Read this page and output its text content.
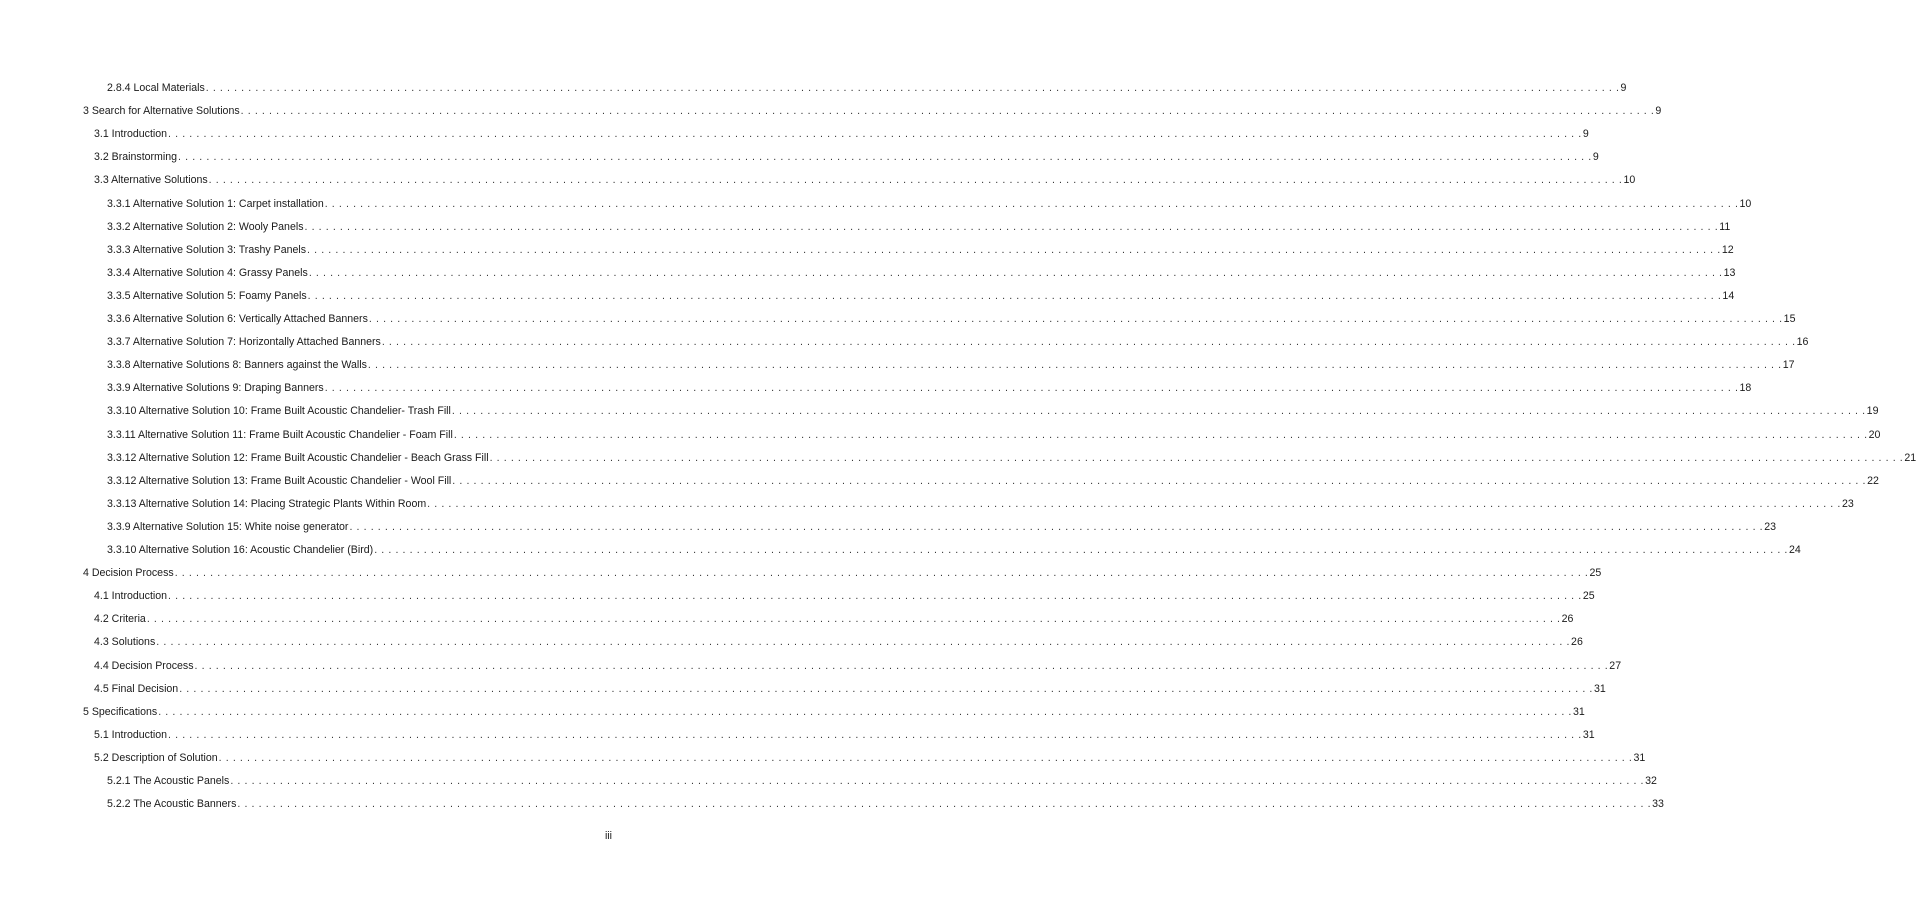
2.8.4 Local Materials . . . . . . . . . . . . . . . . . . . . . . . . . . . . . . . . . . . . . . . . . . . . . . . . . . . . . . . . . . . . . . . . . . . . . . . . . . . . . . . . . . . . . . . . . . . . . . . . . . . . . . . . . . . . . . . . . . . . . . . . . . . . . . . . . . . . . . . . . . . . . . . . . . . . . . . . . . . . . . . . . . . . . . . . . . . . . . . . . . . . . . . . . . . . . . . . . . . . . . . . 9
3 Search for Alternative Solutions . . . . . . . . . . . . . . . . . . . . . . . . . . . . . . . . . . . . . . . . . . . . . . . . . . . . . . . . . . . . . . . . . . . . . . . . . . . . . . . . . . . . . . . . . . . . . . . . . . . . . . . . . . . . . . . . . . . . . . . . . . . . . . . . . . . . . . . . . . . . . . . . . . . . . . . . . . . . . . . . . . . . . . . . . . . . . . . . . . . . . . . . . . . . . . . . . . . . . . . . 9
3.1 Introduction . . . . . . . . . . . . . . . . . . . . . . . . . . . . . . . . . . . . . . . . . . . . . . . . . . . . . . . . . . . . . . . . . . . . . . . . . . . . . . . . . . . . . . . . . . . . . . . . . . . . . . . . . . . . . . . . . . . . . . . . . . . . . . . . . . . . . . . . . . . . . . . . . . . . . . . . . . . . . . . . . . . . . . . . . . . . . . . . . . . . . . . . . . . . . . . . . . . . . . . . 9
3.2 Brainstorming . . . . . . . . . . . . . . . . . . . . . . . . . . . . . . . . . . . . . . . . . . . . . . . . . . . . . . . . . . . . . . . . . . . . . . . . . . . . . . . . . . . . . . . . . . . . . . . . . . . . . . . . . . . . . . . . . . . . . . . . . . . . . . . . . . . . . . . . . . . . . . . . . . . . . . . . . . . . . . . . . . . . . . . . . . . . . . . . . . . . . . . . . . . . . . . . . . . . . . . . 9
3.3 Alternative Solutions . . . . . . . . . . . . . . . . . . . . . . . . . . . . . . . . . . . . . . . . . . . . . . . . . . . . . . . . . . . . . . . . . . . . . . . . . . . . . . . . . . . . . . . . . . . . . . . . . . . . . . . . . . . . . . . . . . . . . . . . . . . . . . . . . . . . . . . . . . . . . . . . . . . . . . . . . . . . . . . . . . . . . . . . . . . . . . . . . . . . . . . . . . . . . . . . . . . . . . . . 10
3.3.1 Alternative Solution 1: Carpet installation . . . . . . . . . . . . . . . . . . . . . . . . . . . . . . . . . . . . . . . . . . . . . . . . . . . . . . . . . . . . . . . . . . . . . . . . . . . . . . . . . . . . . . . . . . . . . . . . . . . . . . . . . . . . . . . . . . . . . . . . . . . . . . . . . . . . . . . . . . . . . . . . . . . . . . . . . . . . . . . . . . . . . . . . . . . . . . . . . . . . . . . . . . . . . . . . . . . . . . . . 10
3.3.2 Alternative Solution 2: Wooly Panels . . . . . . . . . . . . . . . . . . . . . . . . . . . . . . . . . . . . . . . . . . . . . . . . . . . . . . . . . . . . . . . . . . . . . . . . . . . . . . . . . . . . . . . . . . . . . . . . . . . . . . . . . . . . . . . . . . . . . . . . . . . . . . . . . . . . . . . . . . . . . . . . . . . . . . . . . . . . . . . . . . . . . . . . . . . . . . . . . . . . . . . . . . . . . . . . . . . . . . . . 11
3.3.3 Alternative Solution 3: Trashy Panels . . . . . . . . . . . . . . . . . . . . . . . . . . . . . . . . . . . . . . . . . . . . . . . . . . . . . . . . . . . . . . . . . . . . . . . . . . . . . . . . . . . . . . . . . . . . . . . . . . . . . . . . . . . . . . . . . . . . . . . . . . . . . . . . . . . . . . . . . . . . . . . . . . . . . . . . . . . . . . . . . . . . . . . . . . . . . . . . . . . . . . . . . . . . . . . . . . . . . . . . 12
3.3.4 Alternative Solution 4: Grassy Panels . . . . . . . . . . . . . . . . . . . . . . . . . . . . . . . . . . . . . . . . . . . . . . . . . . . . . . . . . . . . . . . . . . . . . . . . . . . . . . . . . . . . . . . . . . . . . . . . . . . . . . . . . . . . . . . . . . . . . . . . . . . . . . . . . . . . . . . . . . . . . . . . . . . . . . . . . . . . . . . . . . . . . . . . . . . . . . . . . . . . . . . . . . . . . . . . . . . . . . . . 13
3.3.5 Alternative Solution 5: Foamy Panels . . . . . . . . . . . . . . . . . . . . . . . . . . . . . . . . . . . . . . . . . . . . . . . . . . . . . . . . . . . . . . . . . . . . . . . . . . . . . . . . . . . . . . . . . . . . . . . . . . . . . . . . . . . . . . . . . . . . . . . . . . . . . . . . . . . . . . . . . . . . . . . . . . . . . . . . . . . . . . . . . . . . . . . . . . . . . . . . . . . . . . . . . . . . . . . . . . . . . . . . 14
3.3.6 Alternative Solution 6: Vertically Attached Banners . . . . . . . . . . . . . . . . . . . . . . . . . . . . . . . . . . . . . . . . . . . . . . . . . . . . . . . . . . . . . . . . . . . . . . . . . . . . . . . . . . . . . . . . . . . . . . . . . . . . . . . . . . . . . . . . . . . . . . . . . . . . . . . . . . . . . . . . . . . . . . . . . . . . . . . . . . . . . . . . . . . . . . . . . . . . . . . . . . . . . . . . . . . . . . . . . . . . . . . . 15
3.3.7 Alternative Solution 7: Horizontally Attached Banners . . . . . . . . . . . . . . . . . . . . . . . . . . . . . . . . . . . . . . . . . . . . . . . . . . . . . . . . . . . . . . . . . . . . . . . . . . . . . . . . . . . . . . . . . . . . . . . . . . . . . . . . . . . . . . . . . . . . . . . . . . . . . . . . . . . . . . . . . . . . . . . . . . . . . . . . . . . . . . . . . . . . . . . . . . . . . . . . . . . . . . . . . . . . . . . . . . . . . . . . 16
3.3.8 Alternative Solutions 8: Banners against the Walls . . . . . . . . . . . . . . . . . . . . . . . . . . . . . . . . . . . . . . . . . . . . . . . . . . . . . . . . . . . . . . . . . . . . . . . . . . . . . . . . . . . . . . . . . . . . . . . . . . . . . . . . . . . . . . . . . . . . . . . . . . . . . . . . . . . . . . . . . . . . . . . . . . . . . . . . . . . . . . . . . . . . . . . . . . . . . . . . . . . . . . . . . . . . . . . . . . . . . . . . 17
3.3.9 Alternative Solutions 9: Draping Banners . . . . . . . . . . . . . . . . . . . . . . . . . . . . . . . . . . . . . . . . . . . . . . . . . . . . . . . . . . . . . . . . . . . . . . . . . . . . . . . . . . . . . . . . . . . . . . . . . . . . . . . . . . . . . . . . . . . . . . . . . . . . . . . . . . . . . . . . . . . . . . . . . . . . . . . . . . . . . . . . . . . . . . . . . . . . . . . . . . . . . . . . . . . . . . . . . . . . . . . . 18
3.3.10 Alternative Solution 10: Frame Built Acoustic Chandelier- Trash Fill . . . . . . . . . . . . . . . . . . . . . . . . . . . . . . . . . . . . . . . . . . . . . . . . . . . . . . . . . . . . . . . . . . . . . . . . . . . . . . . . . . . . . . . . . . . . . . . . . . . . . . . . . . . . . . . . . . . . . . . . . . . . . . . . . . . . . . . . . . . . . . . . . . . . . . . . . . . . . . . . . . . . . . . . . . . . . . . . . . . . . . . . . . . . . . . . . . . . . . . . 19
3.3.11 Alternative Solution 11: Frame Built Acoustic Chandelier - Foam Fill . . . . . . . . . . . . . . . . . . . . . . . . . . . . . . . . . . . . . . . . . . . . . . . . . . . . . . . . . . . . . . . . . . . . . . . . . . . . . . . . . . . . . . . . . . . . . . . . . . . . . . . . . . . . . . . . . . . . . . . . . . . . . . . . . . . . . . . . . . . . . . . . . . . . . . . . . . . . . . . . . . . . . . . . . . . . . . . . . . . . . . . . . . . . . . . . . . . . . . . . 20
3.3.12 Alternative Solution 12: Frame Built Acoustic Chandelier - Beach Grass Fill . . . . . . . . . . . . . . . . . . . . . . . . . . . . . . . . . . . . . . . . . . . . . . . . . . . . . . . . . . . . . . . . . . . . . . . . . . . . . . . . . . . . . . . . . . . . . . . . . . . . . . . . . . . . . . . . . . . . . . . . . . . . . . . . . . . . . . . . . . . . . . . . . . . . . . . . . . . . . . . . . . . . . . . . . . . . . . . . . . . . . . . . . . . . . . . . . . . . . . . . 21
3.3.12 Alternative Solution 13: Frame Built Acoustic Chandelier - Wool Fill . . . . . . . . . . . . . . . . . . . . . . . . . . . . . . . . . . . . . . . . . . . . . . . . . . . . . . . . . . . . . . . . . . . . . . . . . . . . . . . . . . . . . . . . . . . . . . . . . . . . . . . . . . . . . . . . . . . . . . . . . . . . . . . . . . . . . . . . . . . . . . . . . . . . . . . . . . . . . . . . . . . . . . . . . . . . . . . . . . . . . . . . . . . . . . . . . . . . . . . . 22
3.3.13 Alternative Solution 14: Placing Strategic Plants Within Room . . . . . . . . . . . . . . . . . . . . . . . . . . . . . . . . . . . . . . . . . . . . . . . . . . . . . . . . . . . . . . . . . . . . . . . . . . . . . . . . . . . . . . . . . . . . . . . . . . . . . . . . . . . . . . . . . . . . . . . . . . . . . . . . . . . . . . . . . . . . . . . . . . . . . . . . . . . . . . . . . . . . . . . . . . . . . . . . . . . . . . . . . . . . . . . . . . . . . . . . 23
3.3.9 Alternative Solution 15: White noise generator . . . . . . . . . . . . . . . . . . . . . . . . . . . . . . . . . . . . . . . . . . . . . . . . . . . . . . . . . . . . . . . . . . . . . . . . . . . . . . . . . . . . . . . . . . . . . . . . . . . . . . . . . . . . . . . . . . . . . . . . . . . . . . . . . . . . . . . . . . . . . . . . . . . . . . . . . . . . . . . . . . . . . . . . . . . . . . . . . . . . . . . . . . . . . . . . . . . . . . . . 23
3.3.10 Alternative Solution 16: Acoustic Chandelier (Bird) . . . . . . . . . . . . . . . . . . . . . . . . . . . . . . . . . . . . . . . . . . . . . . . . . . . . . . . . . . . . . . . . . . . . . . . . . . . . . . . . . . . . . . . . . . . . . . . . . . . . . . . . . . . . . . . . . . . . . . . . . . . . . . . . . . . . . . . . . . . . . . . . . . . . . . . . . . . . . . . . . . . . . . . . . . . . . . . . . . . . . . . . . . . . . . . . . . . . . . . . 24
4 Decision Process . . . . . . . . . . . . . . . . . . . . . . . . . . . . . . . . . . . . . . . . . . . . . . . . . . . . . . . . . . . . . . . . . . . . . . . . . . . . . . . . . . . . . . . . . . . . . . . . . . . . . . . . . . . . . . . . . . . . . . . . . . . . . . . . . . . . . . . . . . . . . . . . . . . . . . . . . . . . . . . . . . . . . . . . . . . . . . . . . . . . . . . . . . . . . . . . . . . . . . . . 25
4.1 Introduction . . . . . . . . . . . . . . . . . . . . . . . . . . . . . . . . . . . . . . . . . . . . . . . . . . . . . . . . . . . . . . . . . . . . . . . . . . . . . . . . . . . . . . . . . . . . . . . . . . . . . . . . . . . . . . . . . . . . . . . . . . . . . . . . . . . . . . . . . . . . . . . . . . . . . . . . . . . . . . . . . . . . . . . . . . . . . . . . . . . . . . . . . . . . . . . . . . . . . . . . 25
4.2 Criteria . . . . . . . . . . . . . . . . . . . . . . . . . . . . . . . . . . . . . . . . . . . . . . . . . . . . . . . . . . . . . . . . . . . . . . . . . . . . . . . . . . . . . . . . . . . . . . . . . . . . . . . . . . . . . . . . . . . . . . . . . . . . . . . . . . . . . . . . . . . . . . . . . . . . . . . . . . . . . . . . . . . . . . . . . . . . . . . . . . . . . . . . . . . . . . . . . . . . . . . . 26
4.3 Solutions . . . . . . . . . . . . . . . . . . . . . . . . . . . . . . . . . . . . . . . . . . . . . . . . . . . . . . . . . . . . . . . . . . . . . . . . . . . . . . . . . . . . . . . . . . . . . . . . . . . . . . . . . . . . . . . . . . . . . . . . . . . . . . . . . . . . . . . . . . . . . . . . . . . . . . . . . . . . . . . . . . . . . . . . . . . . . . . . . . . . . . . . . . . . . . . . . . . . . . . . 26
4.4 Decision Process . . . . . . . . . . . . . . . . . . . . . . . . . . . . . . . . . . . . . . . . . . . . . . . . . . . . . . . . . . . . . . . . . . . . . . . . . . . . . . . . . . . . . . . . . . . . . . . . . . . . . . . . . . . . . . . . . . . . . . . . . . . . . . . . . . . . . . . . . . . . . . . . . . . . . . . . . . . . . . . . . . . . . . . . . . . . . . . . . . . . . . . . . . . . . . . . . . . . . . . . 27
4.5 Final Decision . . . . . . . . . . . . . . . . . . . . . . . . . . . . . . . . . . . . . . . . . . . . . . . . . . . . . . . . . . . . . . . . . . . . . . . . . . . . . . . . . . . . . . . . . . . . . . . . . . . . . . . . . . . . . . . . . . . . . . . . . . . . . . . . . . . . . . . . . . . . . . . . . . . . . . . . . . . . . . . . . . . . . . . . . . . . . . . . . . . . . . . . . . . . . . . . . . . . . . . . 31
5 Specifications . . . . . . . . . . . . . . . . . . . . . . . . . . . . . . . . . . . . . . . . . . . . . . . . . . . . . . . . . . . . . . . . . . . . . . . . . . . . . . . . . . . . . . . . . . . . . . . . . . . . . . . . . . . . . . . . . . . . . . . . . . . . . . . . . . . . . . . . . . . . . . . . . . . . . . . . . . . . . . . . . . . . . . . . . . . . . . . . . . . . . . . . . . . . . . . . . . . . . . . . 31
5.1 Introduction . . . . . . . . . . . . . . . . . . . . . . . . . . . . . . . . . . . . . . . . . . . . . . . . . . . . . . . . . . . . . . . . . . . . . . . . . . . . . . . . . . . . . . . . . . . . . . . . . . . . . . . . . . . . . . . . . . . . . . . . . . . . . . . . . . . . . . . . . . . . . . . . . . . . . . . . . . . . . . . . . . . . . . . . . . . . . . . . . . . . . . . . . . . . . . . . . . . . . . . . 31
5.2 Description of Solution . . . . . . . . . . . . . . . . . . . . . . . . . . . . . . . . . . . . . . . . . . . . . . . . . . . . . . . . . . . . . . . . . . . . . . . . . . . . . . . . . . . . . . . . . . . . . . . . . . . . . . . . . . . . . . . . . . . . . . . . . . . . . . . . . . . . . . . . . . . . . . . . . . . . . . . . . . . . . . . . . . . . . . . . . . . . . . . . . . . . . . . . . . . . . . . . . . . . . . . . 31
5.2.1 The Acoustic Panels . . . . . . . . . . . . . . . . . . . . . . . . . . . . . . . . . . . . . . . . . . . . . . . . . . . . . . . . . . . . . . . . . . . . . . . . . . . . . . . . . . . . . . . . . . . . . . . . . . . . . . . . . . . . . . . . . . . . . . . . . . . . . . . . . . . . . . . . . . . . . . . . . . . . . . . . . . . . . . . . . . . . . . . . . . . . . . . . . . . . . . . . . . . . . . . . . . . . . . . . 32
5.2.2 The Acoustic Banners . . . . . . . . . . . . . . . . . . . . . . . . . . . . . . . . . . . . . . . . . . . . . . . . . . . . . . . . . . . . . . . . . . . . . . . . . . . . . . . . . . . . . . . . . . . . . . . . . . . . . . . . . . . . . . . . . . . . . . . . . . . . . . . . . . . . . . . . . . . . . . . . . . . . . . . . . . . . . . . . . . . . . . . . . . . . . . . . . . . . . . . . . . . . . . . . . . . . . . . . 33
iii
